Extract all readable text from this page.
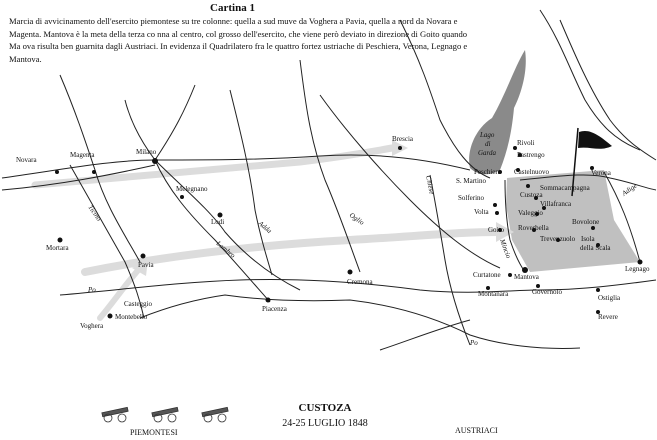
Cartina 1
Marcia di avvicinamento dell'esercito piemontese su tre colonne: quella a sud muve da Voghera a Pavia, quella a nord da Novara e Magenta. Mantova è la meta della terza co nna al centro, col grosso dell'esercito, che viene però deviato in direzione di Goito quando Ma ova risulta ben guarnita dagli Austriaci. In evidenza il Quadrilatero fra le quattro fortez ustriache di Peschiera, Verona, Legnago e Mantova.
Lago
di
Garda
Novara
Magenta	Milano
Melegnano
Lodi
Mortara
Pavia
Casteggio
Montebello
Voghera
Piacenza
Cremona
Brescia
Peschiera
Rivoli
Pastrengo
Castelnuovo	Verona
S. Martino
Sommacampagna
Custoza
Villafranca
Valeggio
Solferino
Volta
Goito Roverbella
Bovolone
Trevenzuolo Isola
della Scala
Curtatone Mantova
Montanara	Governolo
Ostiglia
Revere
Legnago
Ticino
Po
Po
Lambro
Adda
Oglio
Chiese
Mincio
Adige
CUSTOZA
24-25 LUGLIO 1848
PIEMONTESI	AUSTRIACI
